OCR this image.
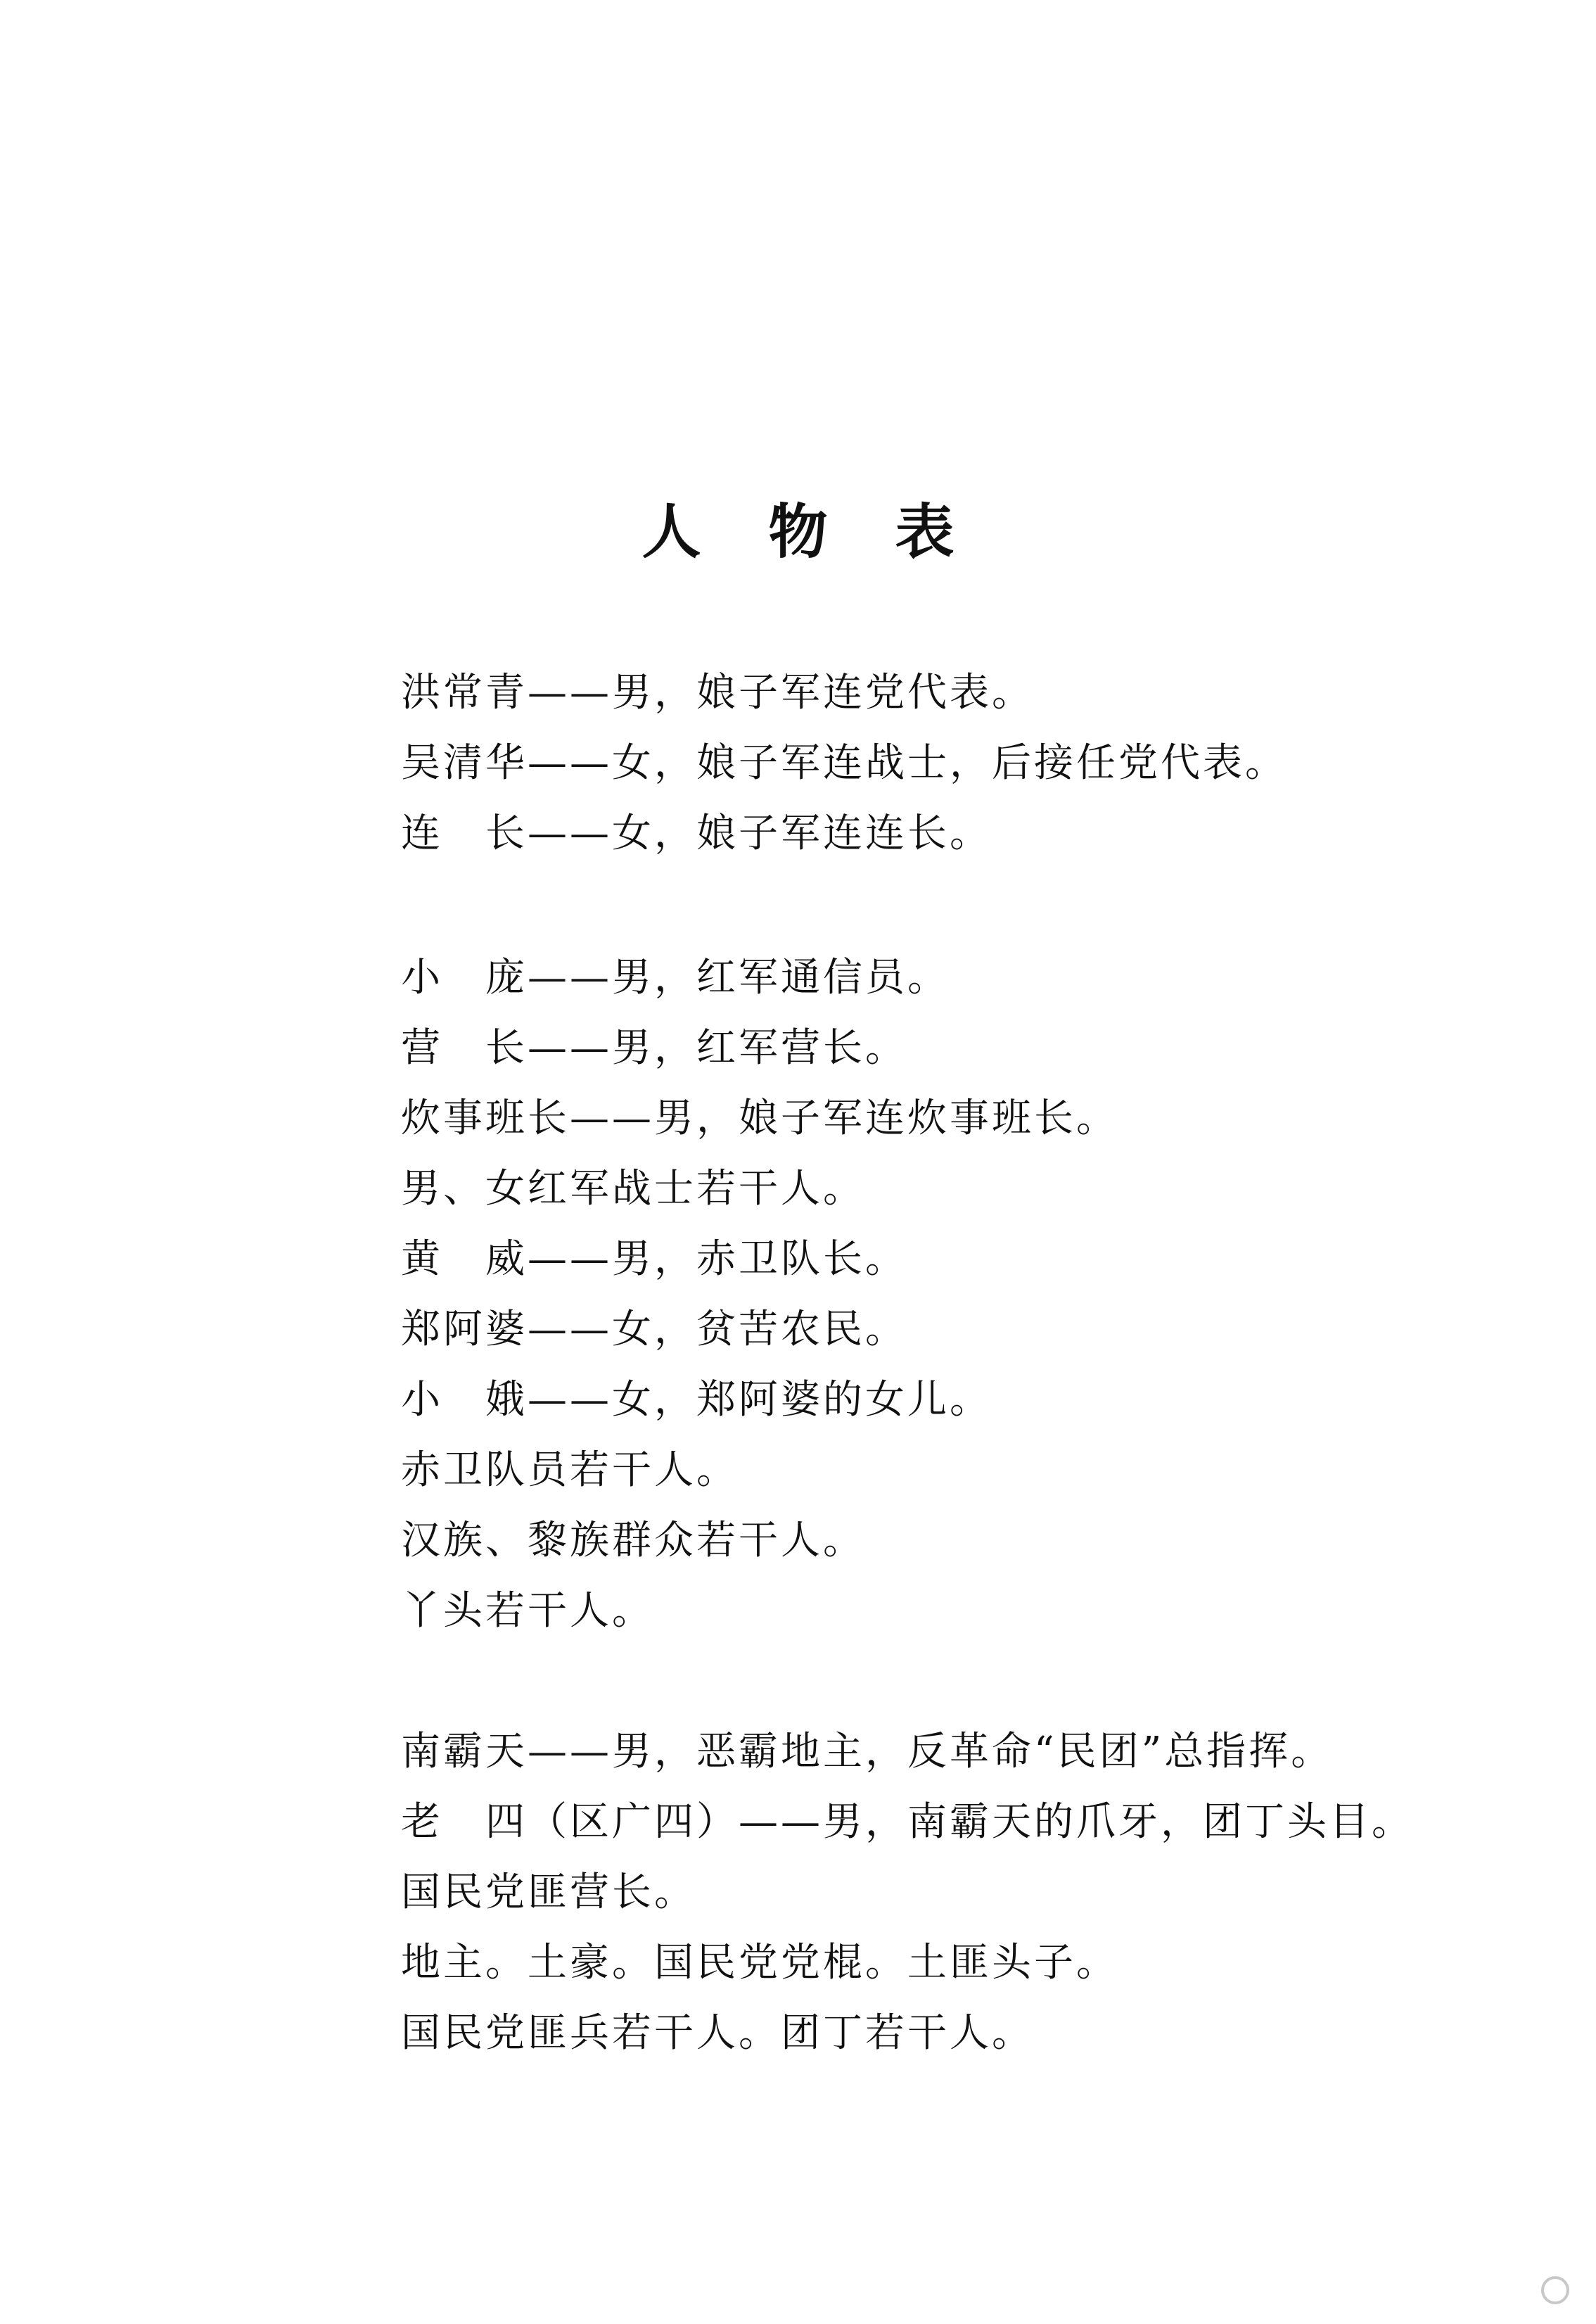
人 物 表
洪常青——男，娘子军连党代表。
吴清华——女，娘子军连战士，后接任党代表。
连　长——女，娘子军连连长。
小　庞——男，红军通信员。
营　长——男，红军营长。
炊事班长——男，娘子军连炊事班长。
男、女红军战士若干人。
黄　威——男，赤卫队长。
郑阿婆——女，贫苦农民。
小　娥——女，郑阿婆的女儿。
赤卫队员若干人。
汉族、黎族群众若干人。
丫头若干人。
南霸天——男，恶霸地主，反革命“民团”总指挥。
老　四（区广四）——男，南霸天的爪牙，团丁头目。
国民党匪营长。
地主。土豪。国民党党棍。土匪头子。
国民党匪兵若干人。团丁若干人。
